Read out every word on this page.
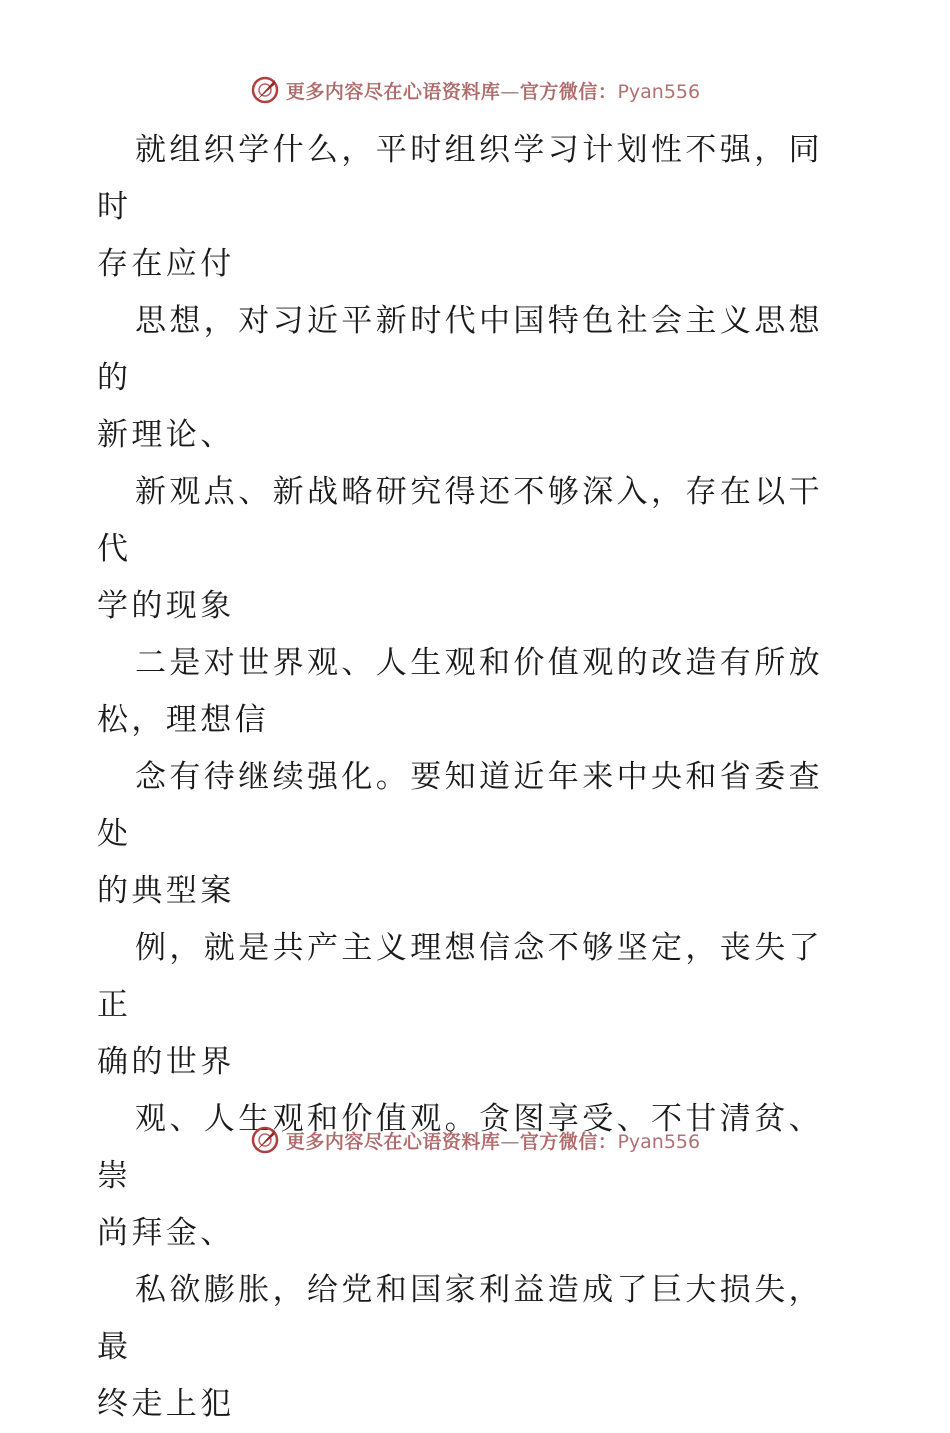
更多内容尽在心语资料库—官方微信：Pyan556

就组织学什么，平时组织学习计划性不强，同时
存在应付

思想，对习近平新时代中国特色社会主义思想的
新理论、

新观点、新战略研究得还不够深入，存在以干代
学的现象

二是对世界观、人生观和价值观的改造有所放
松，理想信

念有待继续强化。要知道近年来中央和省委查处
的典型案

例，就是共产主义理想信念不够坚定，丧失了正
确的世界

观、人生观和价值观。贪图享受、不甘清贫、崇
尚拜金、

私欲膨胀，给党和国家利益造成了巨大损失，最
终走上犯

更多内容尽在心语资料库—官方微信：Pyan556
